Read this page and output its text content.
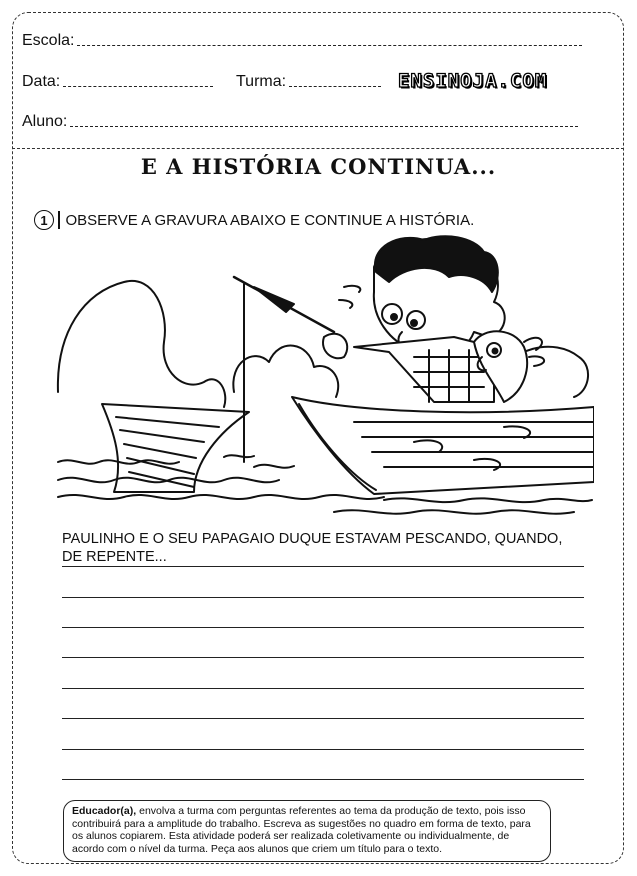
Escola:
Data:	Turma:	ENSINOJA.COM
Aluno:
E A HISTÓRIA CONTINUA...
1	OBSERVE A GRAVURA ABAIXO E CONTINUE A HISTÓRIA.
PAULINHO E O SEU PAPAGAIO DUQUE ESTAVAM PESCANDO, QUANDO, DE REPENTE...
Educador(a), envolva a turma com perguntas referentes ao tema da produção de texto, pois isso contribuirá para a amplitude do trabalho. Escreva as sugestões no quadro em forma de texto, para os alunos copiarem. Esta atividade poderá ser realizada coletivamente ou individualmente, de acordo com o nível da turma. Peça aos alunos que criem um título para o texto.
